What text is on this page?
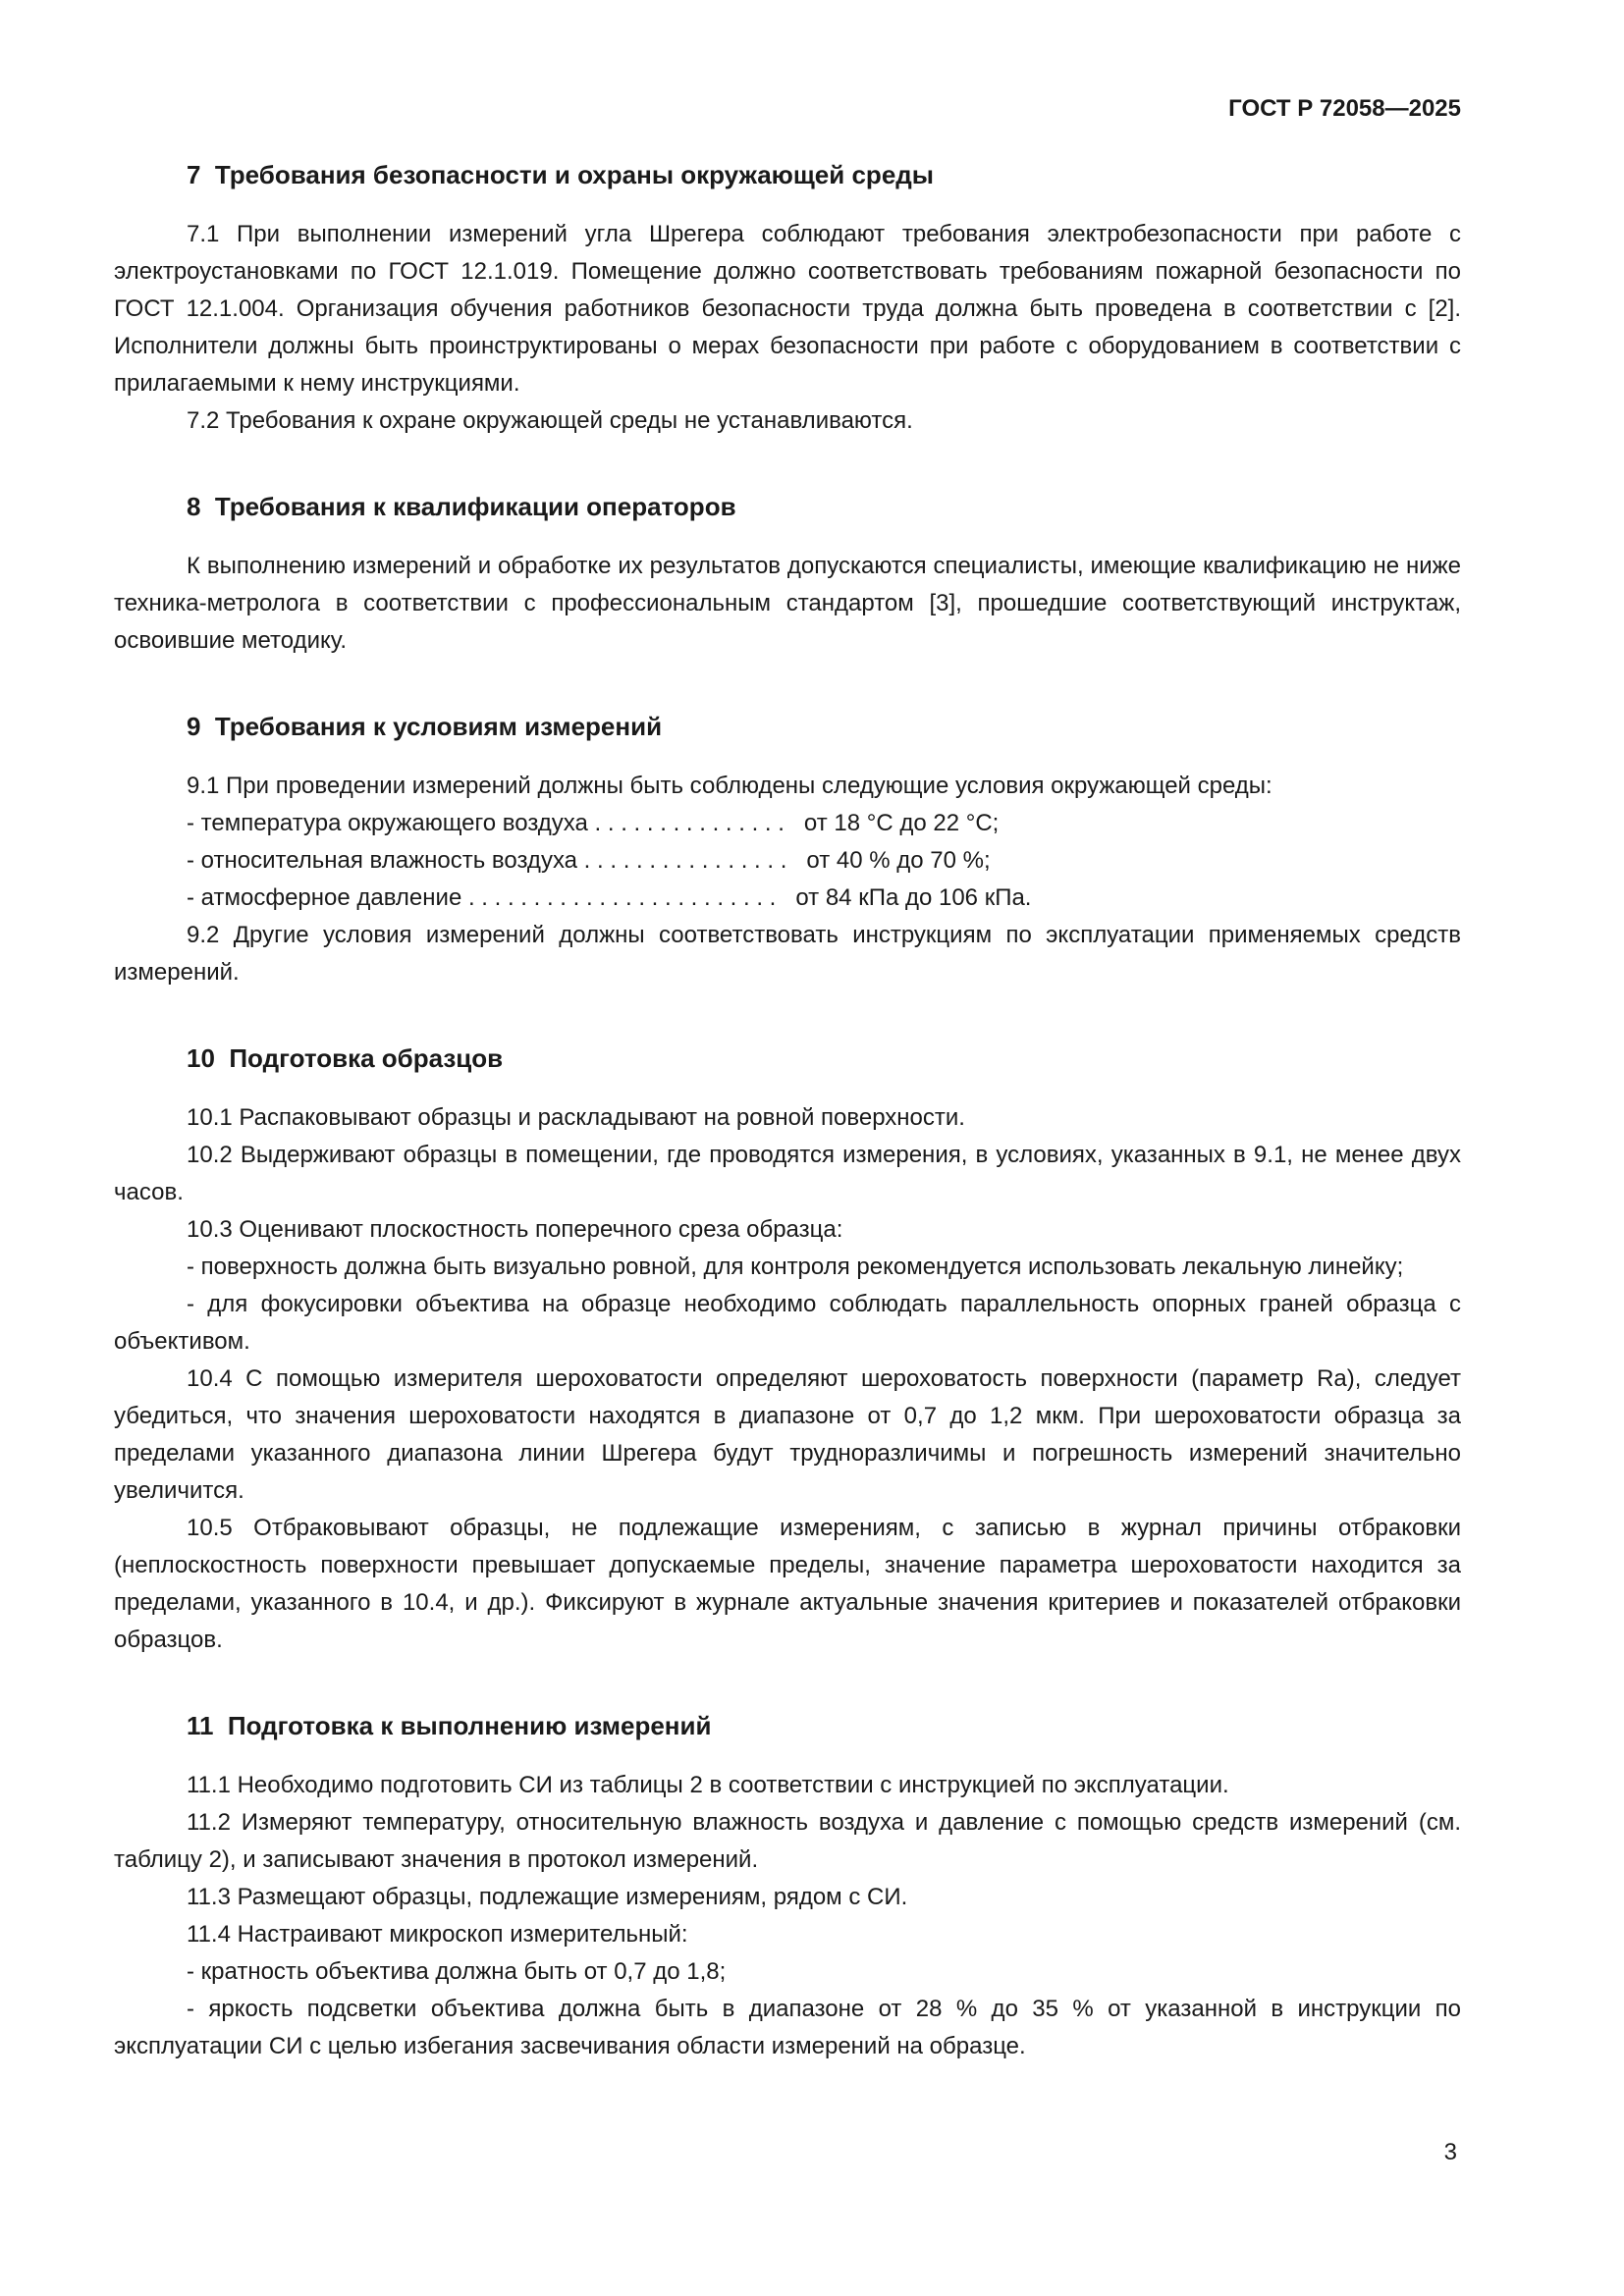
ГОСТ Р 72058—2025
7  Требования безопасности и охраны окружающей среды

7.1 При выполнении измерений угла Шрегера соблюдают требования электробезопасности при работе с электроустановками по ГОСТ 12.1.019. Помещение должно соответствовать требованиям пожарной безопасности по ГОСТ 12.1.004. Организация обучения работников безопасности труда должна быть проведена в соответствии с [2]. Исполнители должны быть проинструктированы о мерах безопасности при работе с оборудованием в соответствии с прилагаемыми к нему инструкциями.

7.2 Требования к охране окружающей среды не устанавливаются.

8  Требования к квалификации операторов

К выполнению измерений и обработке их результатов допускаются специалисты, имеющие квалификацию не ниже техника-метролога в соответствии с профессиональным стандартом [3], прошедшие соответствующий инструктаж, освоившие методику.

9  Требования к условиям измерений

9.1 При проведении измерений должны быть соблюдены следующие условия окружающей среды:

- температура окружающего воздуха . . . . . . . . . . . . . . .   от 18 °С до 22 °С;

- относительная влажность воздуха . . . . . . . . . . . . . . . .   от 40 % до 70 %;

- атмосферное давление . . . . . . . . . . . . . . . . . . . . . . . .   от 84 кПа до 106 кПа.

9.2 Другие условия измерений должны соответствовать инструкциям по эксплуатации применяемых средств измерений.

10  Подготовка образцов

10.1 Распаковывают образцы и раскладывают на ровной поверхности.

10.2 Выдерживают образцы в помещении, где проводятся измерения, в условиях, указанных в 9.1, не менее двух часов.

10.3 Оценивают плоскостность поперечного среза образца:

- поверхность должна быть визуально ровной, для контроля рекомендуется использовать лекальную линейку;

- для фокусировки объектива на образце необходимо соблюдать параллельность опорных граней образца с объективом.

10.4 С помощью измерителя шероховатости определяют шероховатость поверхности (параметр Ra), следует убедиться, что значения шероховатости находятся в диапазоне от 0,7 до 1,2 мкм. При шероховатости образца за пределами указанного диапазона линии Шрегера будут трудноразличимы и погрешность измерений значительно увеличится.

10.5 Отбраковывают образцы, не подлежащие измерениям, с записью в журнал причины отбраковки (неплоскостность поверхности превышает допускаемые пределы, значение параметра шероховатости находится за пределами, указанного в 10.4, и др.). Фиксируют в журнале актуальные значения критериев и показателей отбраковки образцов.

11  Подготовка к выполнению измерений

11.1 Необходимо подготовить СИ из таблицы 2 в соответствии с инструкцией по эксплуатации.

11.2 Измеряют температуру, относительную влажность воздуха и давление с помощью средств измерений (см. таблицу 2), и записывают значения в протокол измерений.

11.3 Размещают образцы, подлежащие измерениям, рядом с СИ.

11.4 Настраивают микроскоп измерительный:

- кратность объектива должна быть от 0,7 до 1,8;

- яркость подсветки объектива должна быть в диапазоне от 28 % до 35 % от указанной в инструкции по эксплуатации СИ с целью избегания засвечивания области измерений на образце.

3
